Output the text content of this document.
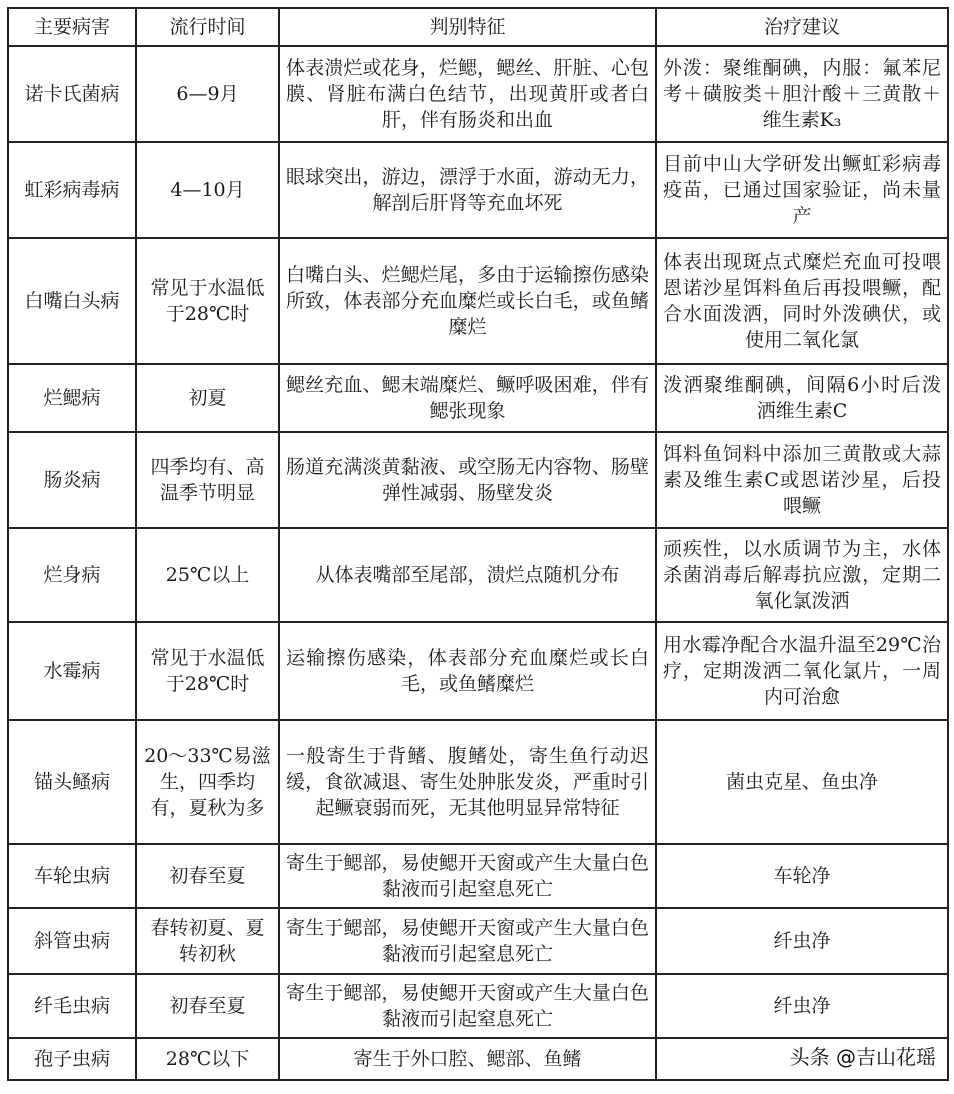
主要病害	流行时间	判别特征	治疗建议
诺卡氏菌病	6—9月	体表溃烂或花身，烂鳃，鳃丝、肝脏、心包膜、肾脏布满白色结节，出现黄肝或者白肝，伴有肠炎和出血	外泼：聚维酮碘，内服：氟苯尼考＋磺胺类＋胆汁酸＋三黄散＋维生素K₃
虹彩病毒病	4—10月	眼球突出，游边，漂浮于水面，游动无力，解剖后肝肾等充血坏死	目前中山大学研发出鳜虹彩病毒疫苗，已通过国家验证，尚未量产
白嘴白头病	常见于水温低于28℃时	白嘴白头、烂鳃烂尾，多由于运输擦伤感染所致，体表部分充血糜烂或长白毛，或鱼鳍糜烂	体表出现斑点式糜烂充血可投喂恩诺沙星饵料鱼后再投喂鳜，配合水面泼洒，同时外泼碘伏，或使用二氧化氯
烂鳃病	初夏	鳃丝充血、鳃末端糜烂、鳜呼吸困难，伴有鳃张现象	泼洒聚维酮碘，间隔6小时后泼洒维生素C
肠炎病	四季均有、高温季节明显	肠道充满淡黄黏液、或空肠无内容物、肠壁弹性减弱、肠壁发炎	饵料鱼饲料中添加三黄散或大蒜素及维生素C或恩诺沙星，后投喂鳜
烂身病	25℃以上	从体表嘴部至尾部，溃烂点随机分布	顽疾性，以水质调节为主，水体杀菌消毒后解毒抗应激，定期二氧化氯泼洒
水霉病	常见于水温低于28℃时	运输擦伤感染，体表部分充血糜烂或长白毛，或鱼鳍糜烂	用水霉净配合水温升温至29℃治疗，定期泼洒二氧化氯片，一周内可治愈
锚头鳋病	20～33℃易滋生，四季均有，夏秋为多	一般寄生于背鳍、腹鳍处，寄生鱼行动迟缓，食欲减退、寄生处肿胀发炎，严重时引起鳜衰弱而死，无其他明显异常特征	菌虫克星、鱼虫净
车轮虫病	初春至夏	寄生于鳃部，易使鳃开天窗或产生大量白色黏液而引起窒息死亡	车轮净
斜管虫病	春转初夏、夏转初秋	寄生于鳃部，易使鳃开天窗或产生大量白色黏液而引起窒息死亡	纤虫净
纤毛虫病	初春至夏	寄生于鳃部，易使鳃开天窗或产生大量白色黏液而引起窒息死亡	纤虫净
孢子虫病	28℃以下	寄生于外口腔、鳃部、鱼鳍		头条 @吉山花瑶
